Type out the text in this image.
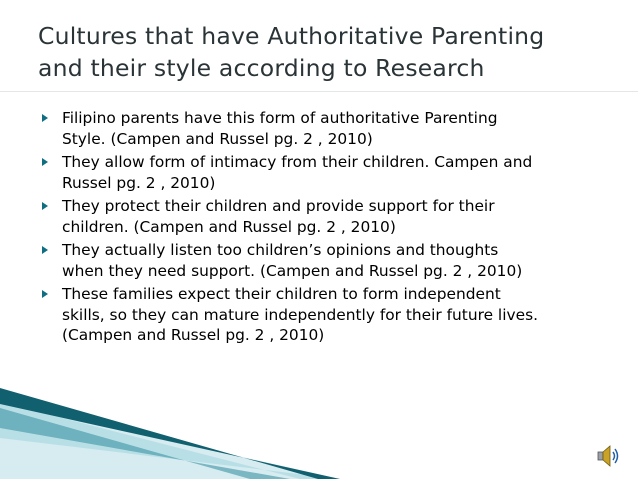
Cultures that have Authoritative Parenting
and their style according to Research
Filipino parents have this form of authoritative Parenting
Style. (Campen and Russel pg. 2 , 2010)
They allow form of intimacy from their children. Campen and
Russel pg. 2 , 2010)
They protect their children and provide support for their
children. (Campen and Russel pg. 2 , 2010)
They actually listen too children’s opinions and thoughts
when they need support. (Campen and Russel pg. 2 , 2010)
These families expect their children to form independent
skills, so they can mature independently for their future lives.
(Campen and Russel pg. 2 , 2010)
